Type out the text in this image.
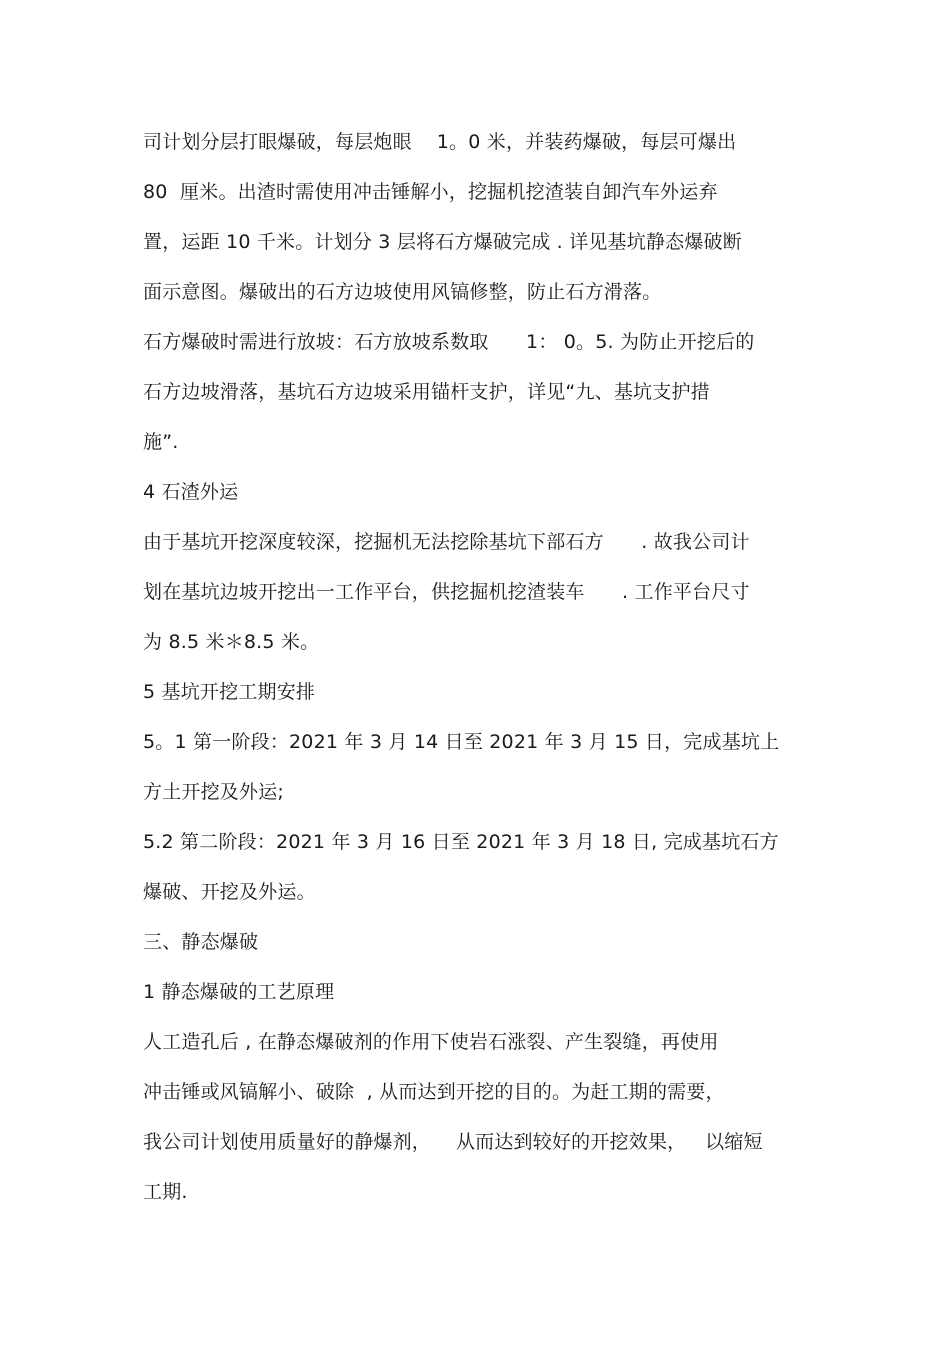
司计划分层打眼爆破，每层炮眼    1。0 米，并装药爆破，每层可爆出
80  厘米。出渣时需使用冲击锤解小，挖掘机挖渣装自卸汽车外运弃
置，运距 10 千米。计划分 3 层将石方爆破完成 . 详见基坑静态爆破断
面示意图。爆破出的石方边坡使用风镐修整，防止石方滑落。
石方爆破时需进行放坡：石方放坡系数取      1： 0。5. 为防止开挖后的
石方边坡滑落，基坑石方边坡采用锚杆支护，详见“九、基坑支护措
施”.
4 石渣外运
由于基坑开挖深度较深，挖掘机无法挖除基坑下部石方      . 故我公司计
划在基坑边坡开挖出一工作平台，供挖掘机挖渣装车      . 工作平台尺寸
为 8.5 米＊8.5 米。
5 基坑开挖工期安排
5。1 第一阶段：2021 年 3 月 14 日至 2021 年 3 月 15 日，完成基坑上
方土开挖及外运;
5.2 第二阶段：2021 年 3 月 16 日至 2021 年 3 月 18 日, 完成基坑石方
爆破、开挖及外运。
三、静态爆破
1 静态爆破的工艺原理
人工造孔后 , 在静态爆破剂的作用下使岩石涨裂、产生裂缝，再使用
冲击锤或风镐解小、破除  , 从而达到开挖的目的。为赶工期的需要，
我公司计划使用质量好的静爆剂，    从而达到较好的开挖效果，   以缩短
工期.
